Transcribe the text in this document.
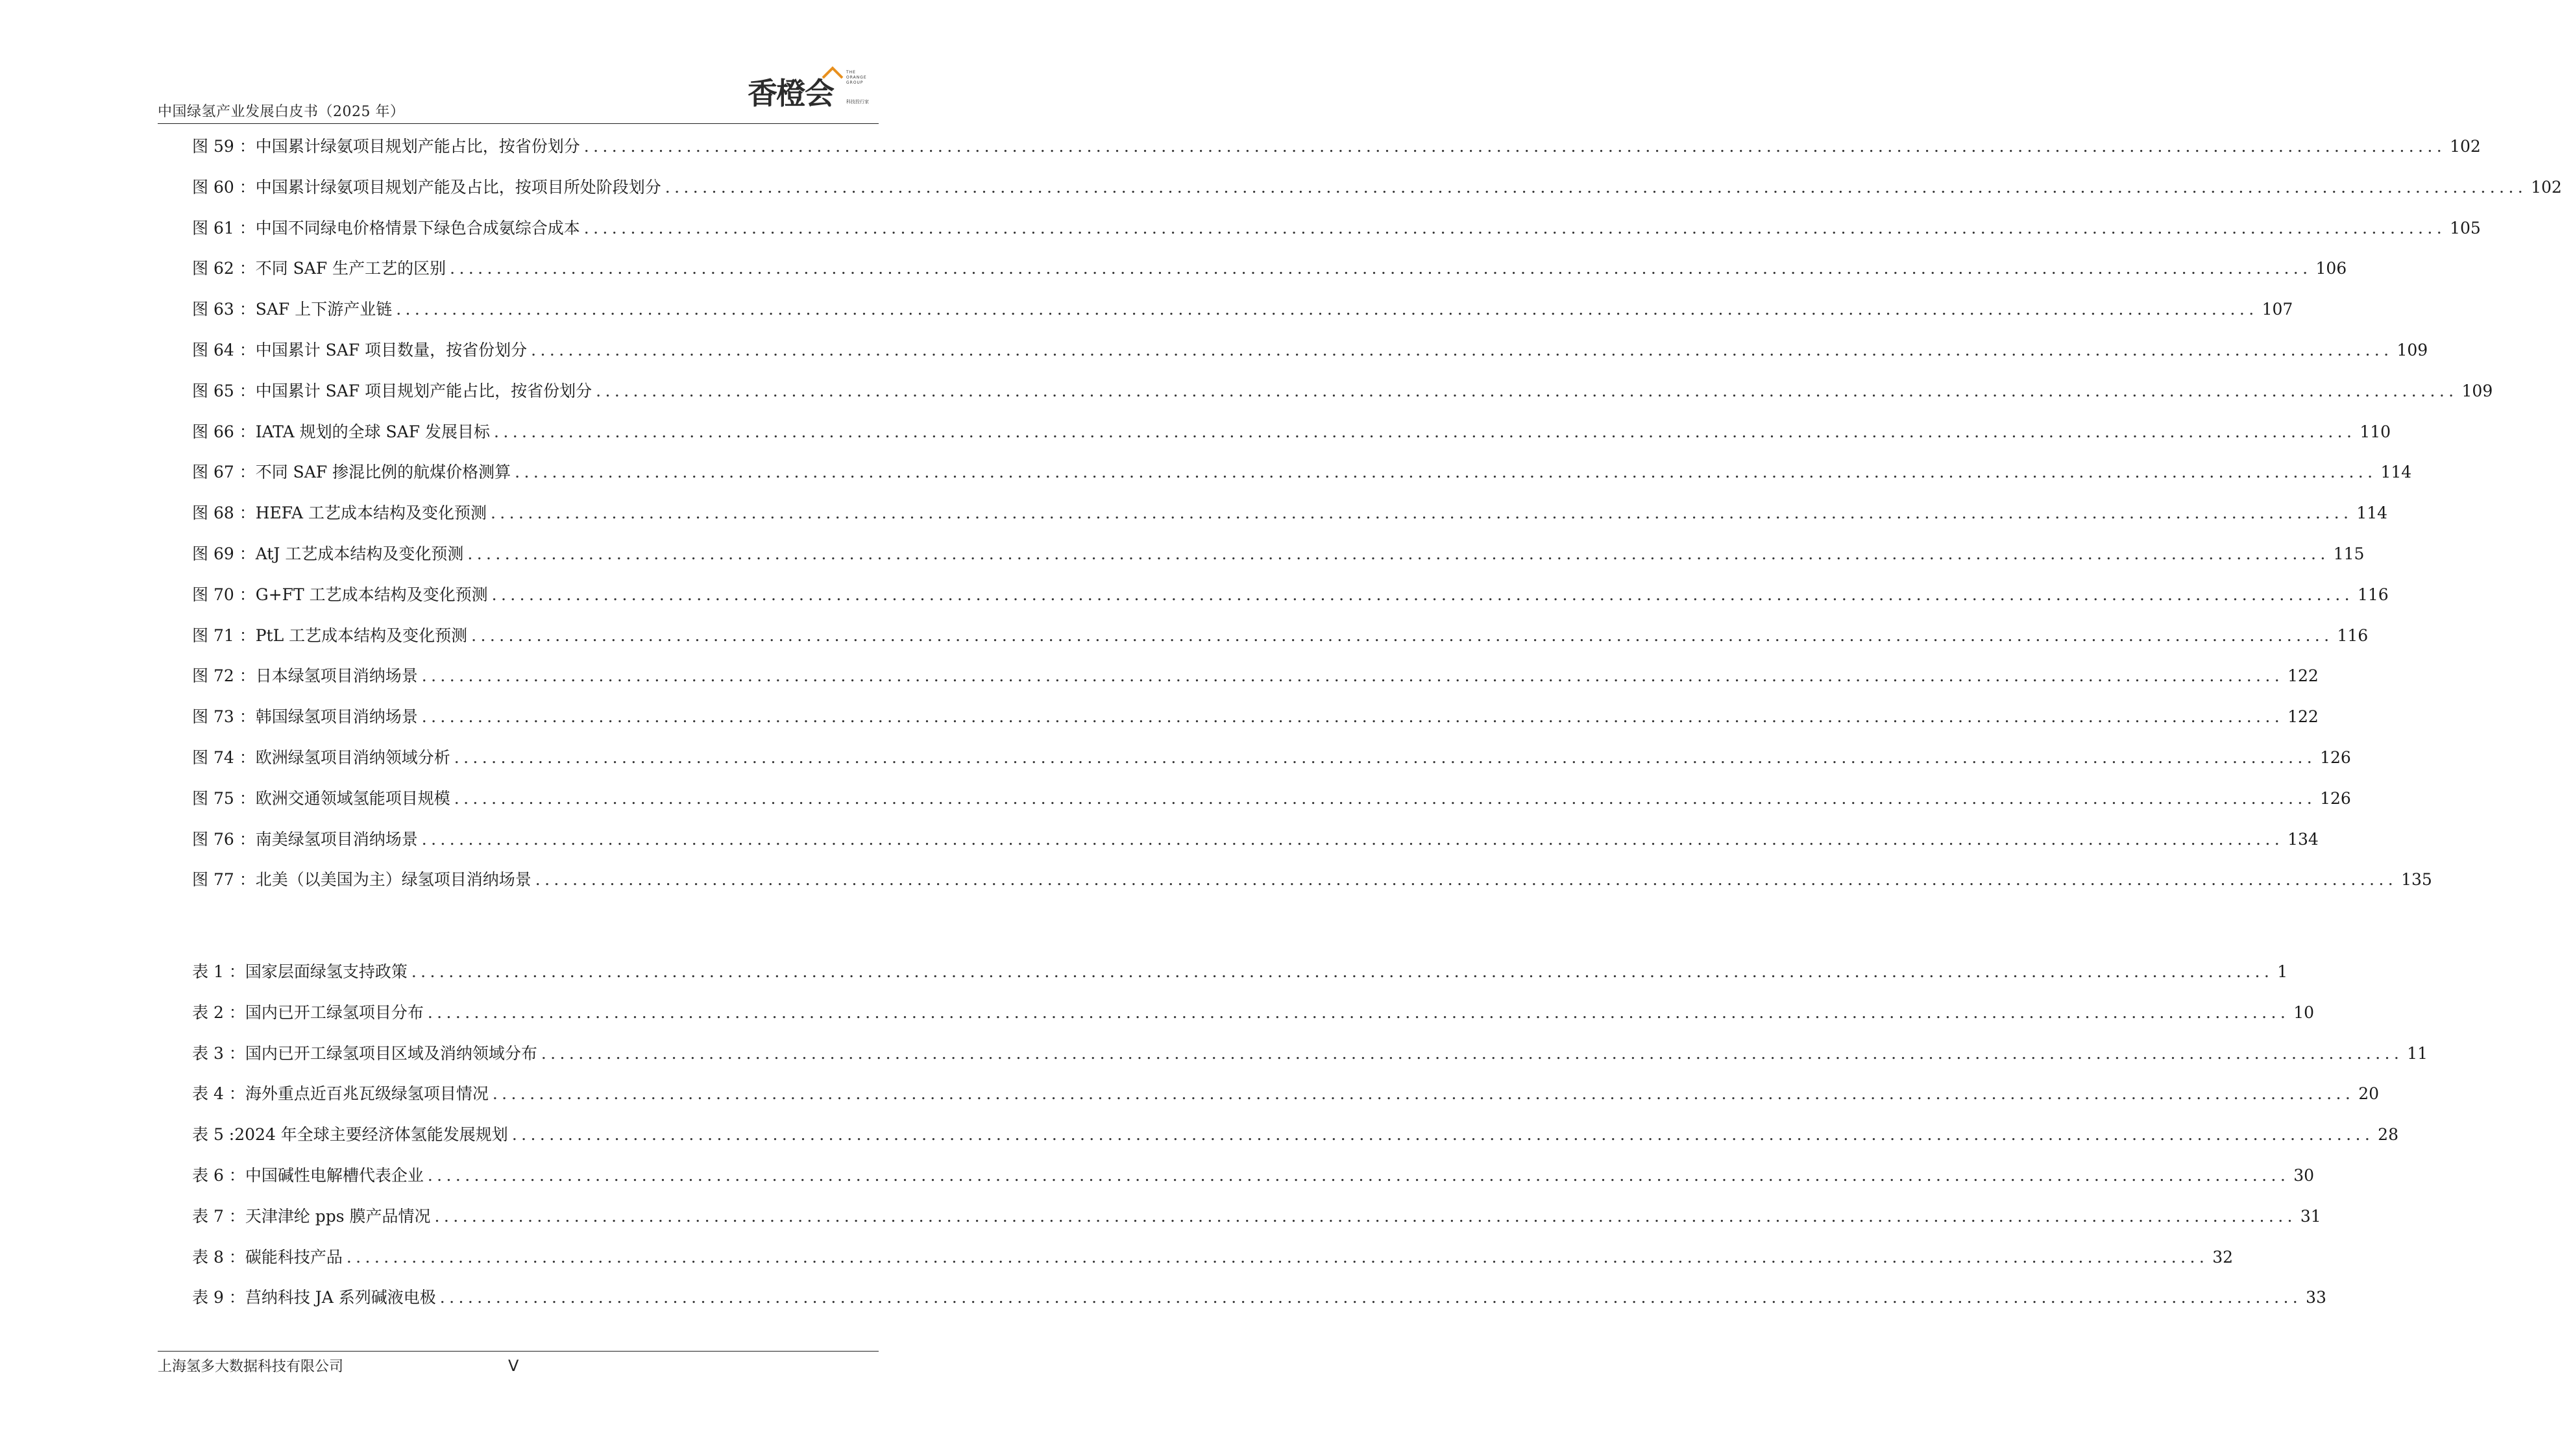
中国绿氢产业发展白皮书（2025 年）
香橙会
THE
ORANGE
GROUP
科技投行家
图 59 ： 中国累计绿氨项目规划产能占比，按省份划分 ........................................................................................................................................................................................................ 102
图 60 ： 中国累计绿氨项目规划产能及占比，按项目所处阶段划分 ........................................................................................................................................................................................................ 102
图 61 ： 中国不同绿电价格情景下绿色合成氨综合成本 ........................................................................................................................................................................................................ 105
图 62 ： 不同 SAF 生产工艺的区别 ........................................................................................................................................................................................................ 106
图 63 ： SAF 上下游产业链 ........................................................................................................................................................................................................ 107
图 64 ： 中国累计 SAF 项目数量，按省份划分 ........................................................................................................................................................................................................ 109
图 65 ： 中国累计 SAF 项目规划产能占比，按省份划分 ........................................................................................................................................................................................................ 109
图 66 ： IATA 规划的全球 SAF 发展目标 ........................................................................................................................................................................................................ 110
图 67 ： 不同 SAF 掺混比例的航煤价格测算 ........................................................................................................................................................................................................ 114
图 68 ： HEFA 工艺成本结构及变化预测 ........................................................................................................................................................................................................ 114
图 69 ： AtJ 工艺成本结构及变化预测 ........................................................................................................................................................................................................ 115
图 70 ： G+FT 工艺成本结构及变化预测 ........................................................................................................................................................................................................ 116
图 71 ： PtL 工艺成本结构及变化预测 ........................................................................................................................................................................................................ 116
图 72 ： 日本绿氢项目消纳场景 ........................................................................................................................................................................................................ 122
图 73 ： 韩国绿氢项目消纳场景 ........................................................................................................................................................................................................ 122
图 74 ： 欧洲绿氢项目消纳领域分析 ........................................................................................................................................................................................................ 126
图 75 ： 欧洲交通领域氢能项目规模 ........................................................................................................................................................................................................ 126
图 76 ： 南美绿氢项目消纳场景 ........................................................................................................................................................................................................ 134
图 77 ： 北美（以美国为主）绿氢项目消纳场景 ........................................................................................................................................................................................................ 135
表 1 ： 国家层面绿氢支持政策 ........................................................................................................................................................................................................ 1
表 2 ： 国内已开工绿氢项目分布 ........................................................................................................................................................................................................ 10
表 3 ： 国内已开工绿氢项目区域及消纳领域分布 ........................................................................................................................................................................................................ 11
表 4 ： 海外重点近百兆瓦级绿氢项目情况 ........................................................................................................................................................................................................ 20
表 5 : 2024 年全球主要经济体氢能发展规划 ........................................................................................................................................................................................................ 28
表 6 ： 中国碱性电解槽代表企业 ........................................................................................................................................................................................................ 30
表 7 ： 天津津纶 pps 膜产品情况 ........................................................................................................................................................................................................ 31
表 8 ： 碳能科技产品 ........................................................................................................................................................................................................ 32
表 9 ： 莒纳科技 JA 系列碱液电极 ........................................................................................................................................................................................................ 33
上海氢多大数据科技有限公司	V
